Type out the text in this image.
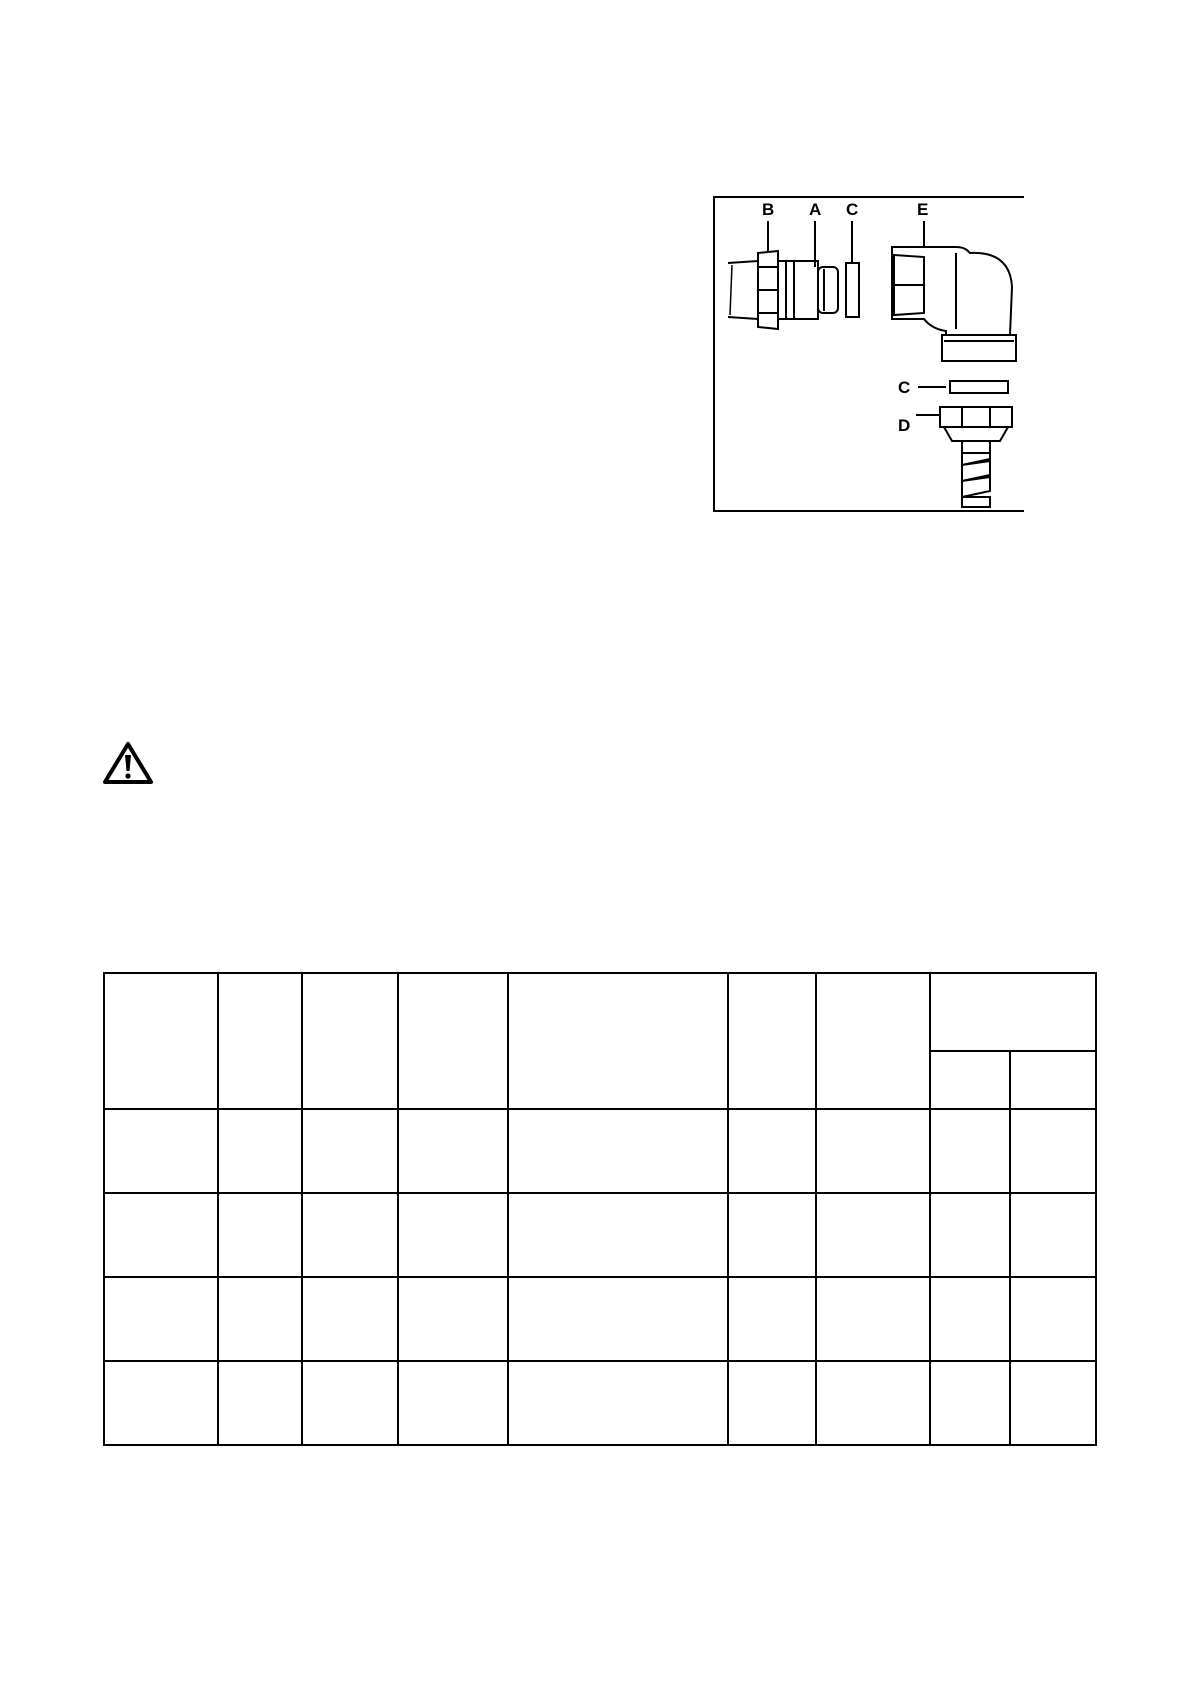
B A C	E
C
D
